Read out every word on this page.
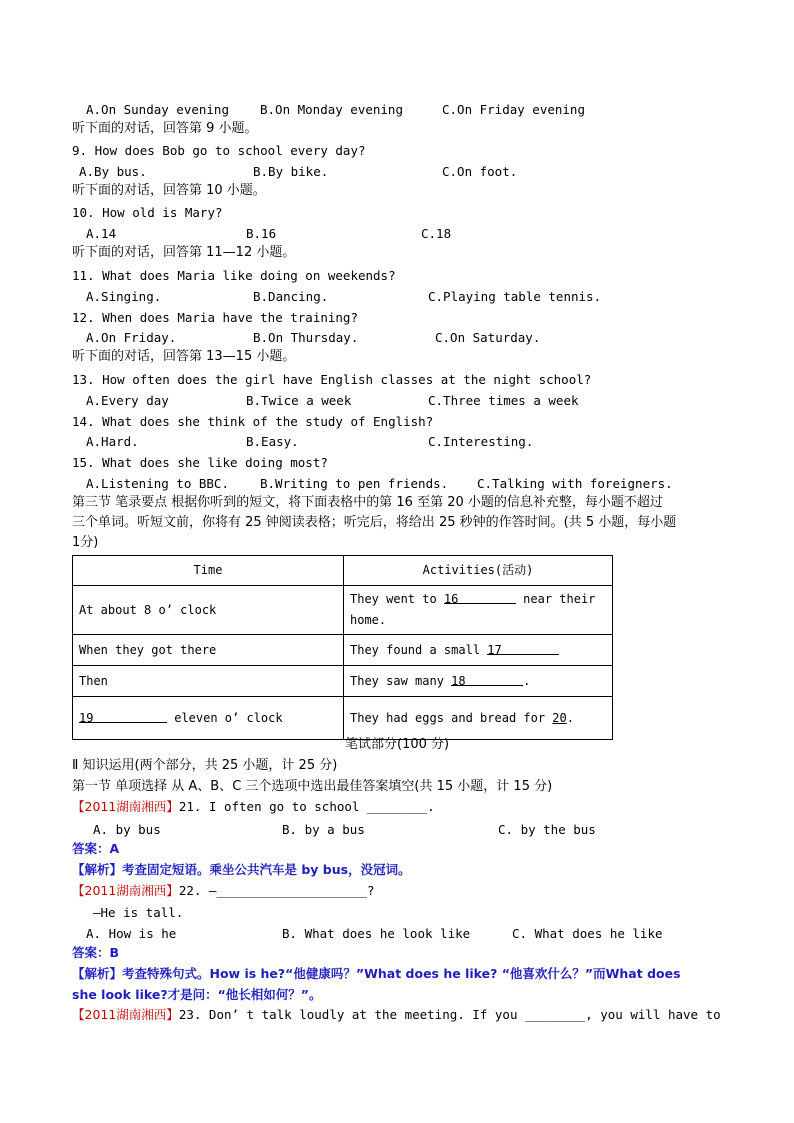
A.On Sunday evening B.On Monday evening	C.On Friday evening
听下面的对话，回答第 9 小题。
9. How does Bob go to school every day?
A.By bus.	B.By bike.	C.On foot.
听下面的对话，回答第 10 小题。
10. How old is Mary?
A.14	B.16	C.18
听下面的对话，回答第 11—12 小题。
11. What does Maria like doing on weekends?
A.Singing.	B.Dancing.	C.Playing table tennis.
12. When does Maria have the training?
A.On Friday.	B.On Thursday.	C.On Saturday.
听下面的对话，回答第 13—15 小题。
13. How often does the girl have English classes at the night school?
A.Every day	B.Twice a week	C.Three times a week
14. What does she think of the study of English?
A.Hard.	B.Easy.	C.Interesting.
15. What does she like doing most?
A.Listening to BBC. B.Writing to pen friends. C.Talking with foreigners.
第三节 笔录要点 根据你听到的短文，将下面表格中的第 16 至第 20 小题的信息补充整，每小题不超过
三个单词。听短文前，你将有 25 钟阅读表格；听完后，将给出 25 秒钟的作答时间。(共 5 小题，每小题
1分)
Time	Activities(活动)
At about 8 o’ clock	They went to 16 near their home.
When they got there	They found a small 17
Then	They saw many 18 .
19 eleven o’ clock	They had eggs and bread for 20.
笔试部分(100 分)
Ⅱ 知识运用(两个部分，共 25 小题，计 25 分)
第一节 单项选择 从 A、B、C 三个选项中选出最佳答案填空(共 15 小题，计 15 分)
【2011湖南湘西】21. I often go to school ________.
A. by bus	B. by a bus	C. by the bus
答案：A
【解析】考查固定短语。乘坐公共汽车是 by bus，没冠词。
【2011湖南湘西】22. —____________________?
—He is tall.
A. How is he	B. What does he look like	C. What does he like
答案：B
【解析】考查特殊句式。How is he?“他健康吗？”What does he like? “他喜欢什么？”而What does
she look like?才是问：“他长相如何？”。
【2011湖南湘西】23. Don’ t talk loudly at the meeting. If you ________, you will have to
